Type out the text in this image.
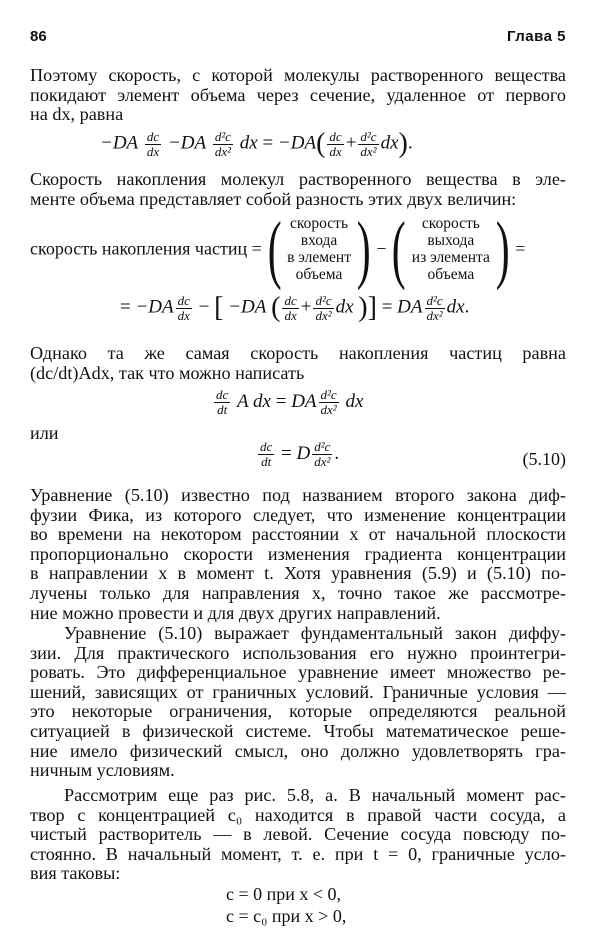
86	Глава 5
Поэтому скорость, с которой молекулы растворенного вещества
покидают элемент объема через сечение, удаленное от первого
на dx, равна
$-DA \frac{dc}{dx} -DA \frac{\text{d²c}}{\text{dx²}}$ dx = $-DA( \frac{dc}{dx} + \frac{\text{d²c}}{\text{dx²}} dx)$.
Скорость накопления молекул растворенного вещества в эле-
менте объема представляет собой разность этих двух величин:
скорость накопления частиц =( скорость
входа
в элемент
объема ) −(	скорость
выхода
из элемента
объема ) =
= $-DA \frac{dc}{dx}$ − [ −DA ( $\frac{dc}{dx} + \frac{\text{d²c}}{\text{dx²}}$ dx )] = DA $\frac{\text{d²c}}{\text{dx²}}$ dx.
Однако та же самая скорость накопления частиц равна
(dc/dt)Adx, так что можно написать
$\frac{dc}{dt}$ A dx = DA $\frac{\text{d²c}}{\text{dx²}}$ dx
или
$\frac{dc}{dt} = D \frac{\text{d²c}}{\text{dx²}}$ .	(5.10)
Уравнение (5.10) известно под названием второго закона диф-
фузии Фика, из которого следует, что изменение концентрации
во времени на некотором расстоянии x от начальной плоскости
пропорционально скорости изменения градиента концентрации
в направлении x в момент t. Хотя уравнения (5.9) и (5.10) по-
лучены только для направления x, точно такое же рассмотре-
ние можно провести и для двух других направлений.
Уравнение (5.10) выражает фундаментальный закон диффу-
зии. Для практического использования его нужно проинтегри-
ровать. Это дифференциальное уравнение имеет множество ре-
шений, зависящих от граничных условий. Граничные условия —
это некоторые ограничения, которые определяются реальной
ситуацией в физической системе. Чтобы математическое реше-
ние имело физический смысл, оно должно удовлетворять гра-
ничным условиям.
Рассмотрим еще раз рис. 5.8, a. В начальный момент рас-
твор с концентрацией c₀ находится в правой части сосуда, а
чистый растворитель — в левой. Сечение сосуда повсюду по-
стоянно. В начальный момент, т. е. при t = 0, граничные усло-
вия таковы:
c = 0 при x < 0,
c = c₀ при x > 0,
